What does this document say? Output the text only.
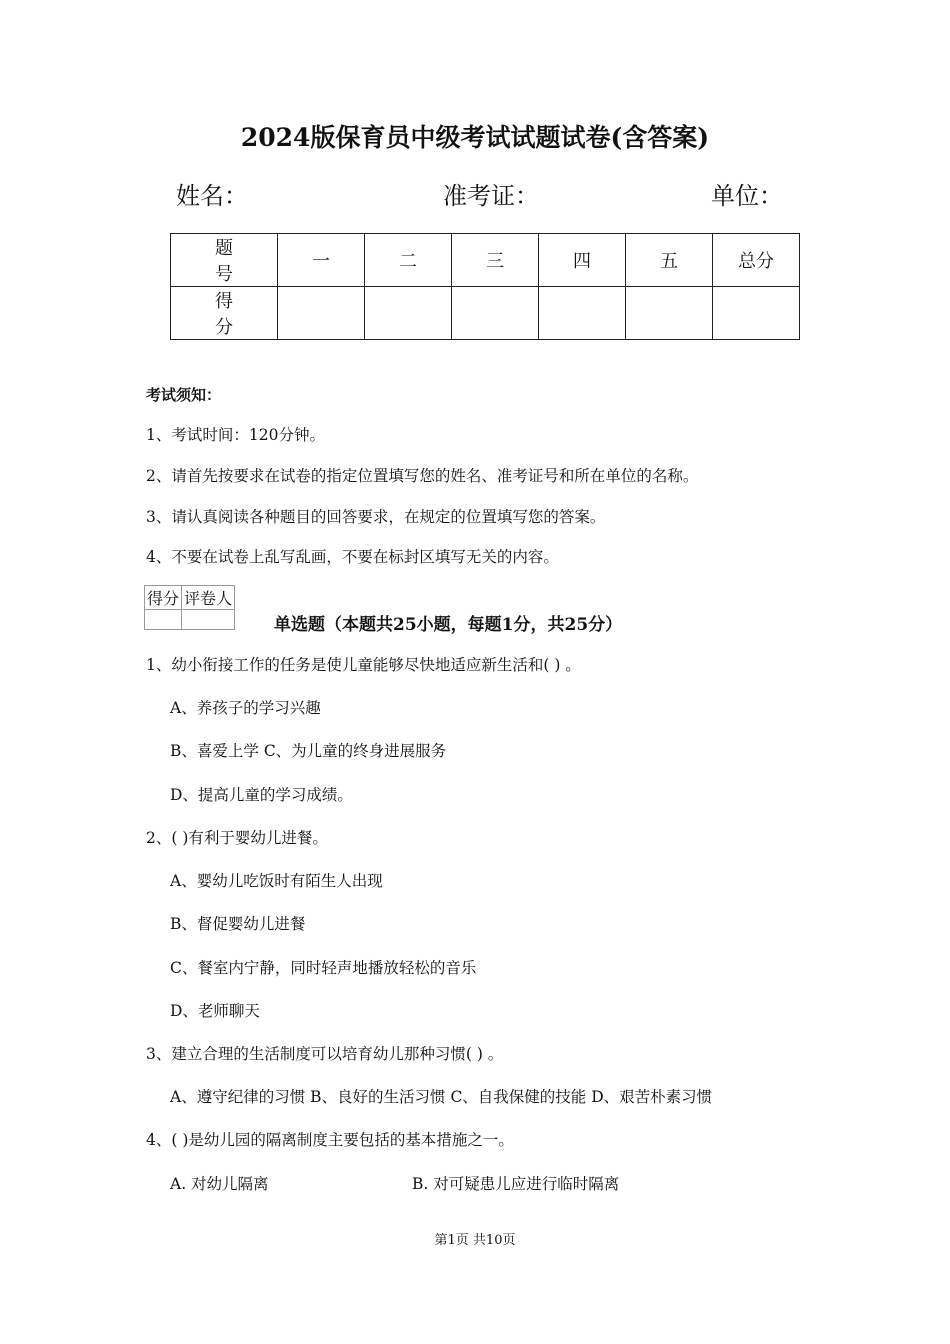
2024版保育员中级考试试题试卷(含答案)
姓名：	准考证：	单位：
题 号	一	二	三	四	五	总分
得 分						
考试须知：
1、考试时间：120分钟。
2、请首先按要求在试卷的指定位置填写您的姓名、准考证号和所在单位的名称。
3、请认真阅读各种题目的回答要求，在规定的位置填写您的答案。
4、不要在试卷上乱写乱画，不要在标封区填写无关的内容。
得分	评卷人

单选题（本题共25小题，每题1分，共25分）
1、幼小衔接工作的任务是使儿童能够尽快地适应新生活和( ) 。
A、养孩子的学习兴趣
B、喜爱上学 C、为儿童的终身进展服务
D、提高儿童的学习成绩。
2、( )有利于婴幼儿进餐。
A、婴幼儿吃饭时有陌生人出现
B、督促婴幼儿进餐
C、餐室内宁静，同时轻声地播放轻松的音乐
D、老师聊天
3、建立合理的生活制度可以培育幼儿那种习惯( ) 。
A、遵守纪律的习惯 B、良好的生活习惯 C、自我保健的技能 D、艰苦朴素习惯
4、( )是幼儿园的隔离制度主要包括的基本措施之一。
A. 对幼儿隔离	B. 对可疑患儿应进行临时隔离
第1页 共10页
